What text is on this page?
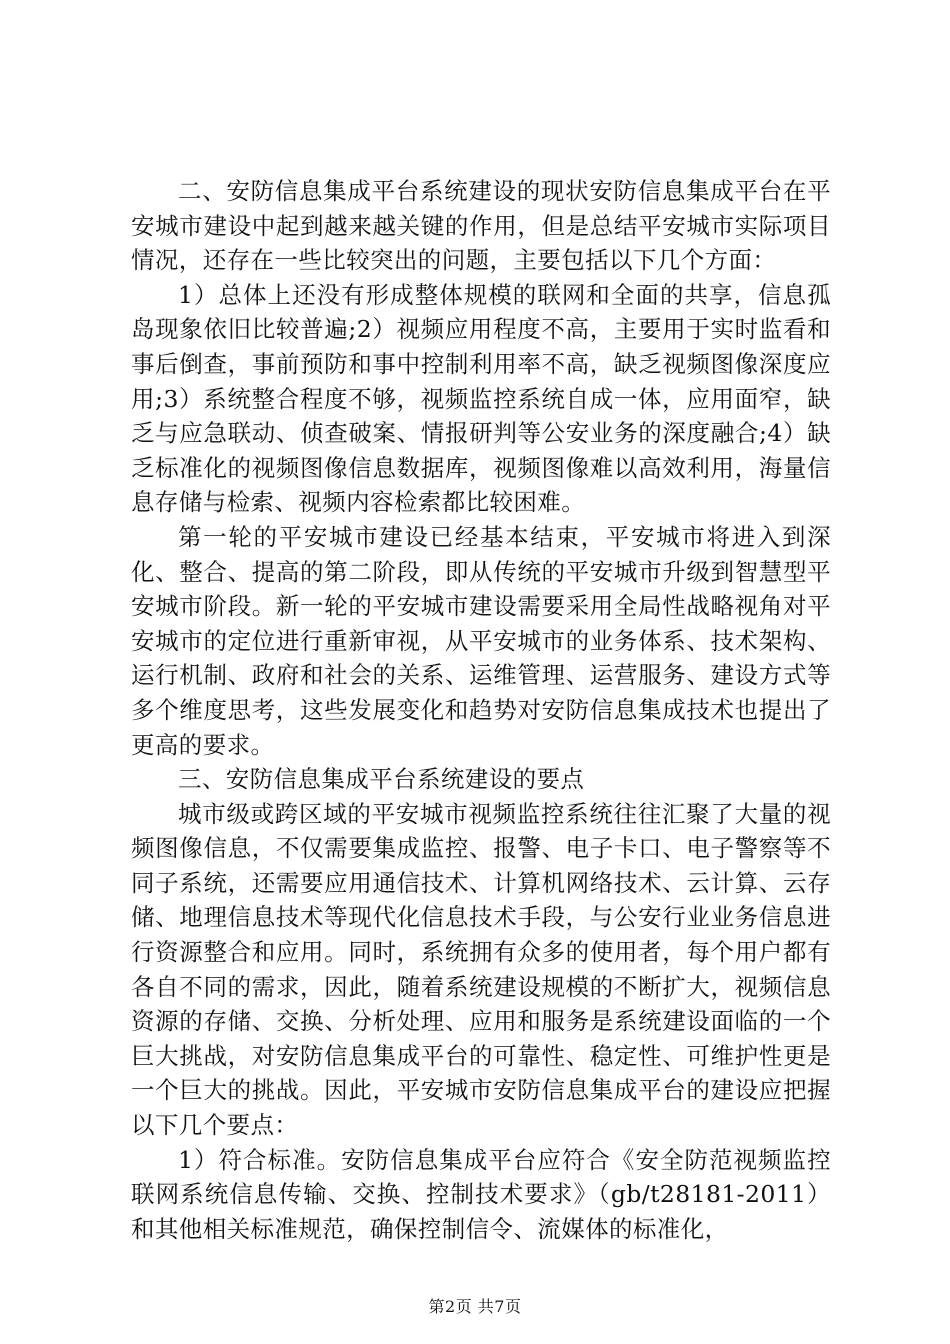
二、安防信息集成平台系统建设的现状安防信息集成平台在平安城市建设中起到越来越关键的作用，但是总结平安城市实际项目情况，还存在一些比较突出的问题，主要包括以下几个方面：

1）总体上还没有形成整体规模的联网和全面的共享，信息孤岛现象依旧比较普遍;2）视频应用程度不高，主要用于实时监看和事后倒查，事前预防和事中控制利用率不高，缺乏视频图像深度应用;3）系统整合程度不够，视频监控系统自成一体，应用面窄，缺乏与应急联动、侦查破案、情报研判等公安业务的深度融合;4）缺乏标准化的视频图像信息数据库，视频图像难以高效利用，海量信息存储与检索、视频内容检索都比较困难。

第一轮的平安城市建设已经基本结束，平安城市将进入到深化、整合、提高的第二阶段，即从传统的平安城市升级到智慧型平安城市阶段。新一轮的平安城市建设需要采用全局性战略视角对平安城市的定位进行重新审视，从平安城市的业务体系、技术架构、运行机制、政府和社会的关系、运维管理、运营服务、建设方式等多个维度思考，这些发展变化和趋势对安防信息集成技术也提出了更高的要求。

三、安防信息集成平台系统建设的要点

城市级或跨区域的平安城市视频监控系统往往汇聚了大量的视频图像信息，不仅需要集成监控、报警、电子卡口、电子警察等不同子系统，还需要应用通信技术、计算机网络技术、云计算、云存储、地理信息技术等现代化信息技术手段，与公安行业业务信息进行资源整合和应用。同时，系统拥有众多的使用者，每个用户都有各自不同的需求，因此，随着系统建设规模的不断扩大，视频信息资源的存储、交换、分析处理、应用和服务是系统建设面临的一个巨大挑战，对安防信息集成平台的可靠性、稳定性、可维护性更是一个巨大的挑战。因此，平安城市安防信息集成平台的建设应把握以下几个要点：

1）符合标准。安防信息集成平台应符合《安全防范视频监控联网系统信息传输、交换、控制技术要求》（gb/t28181-2011）和其他相关标准规范，确保控制信令、流媒体的标准化，

第2页 共7页
